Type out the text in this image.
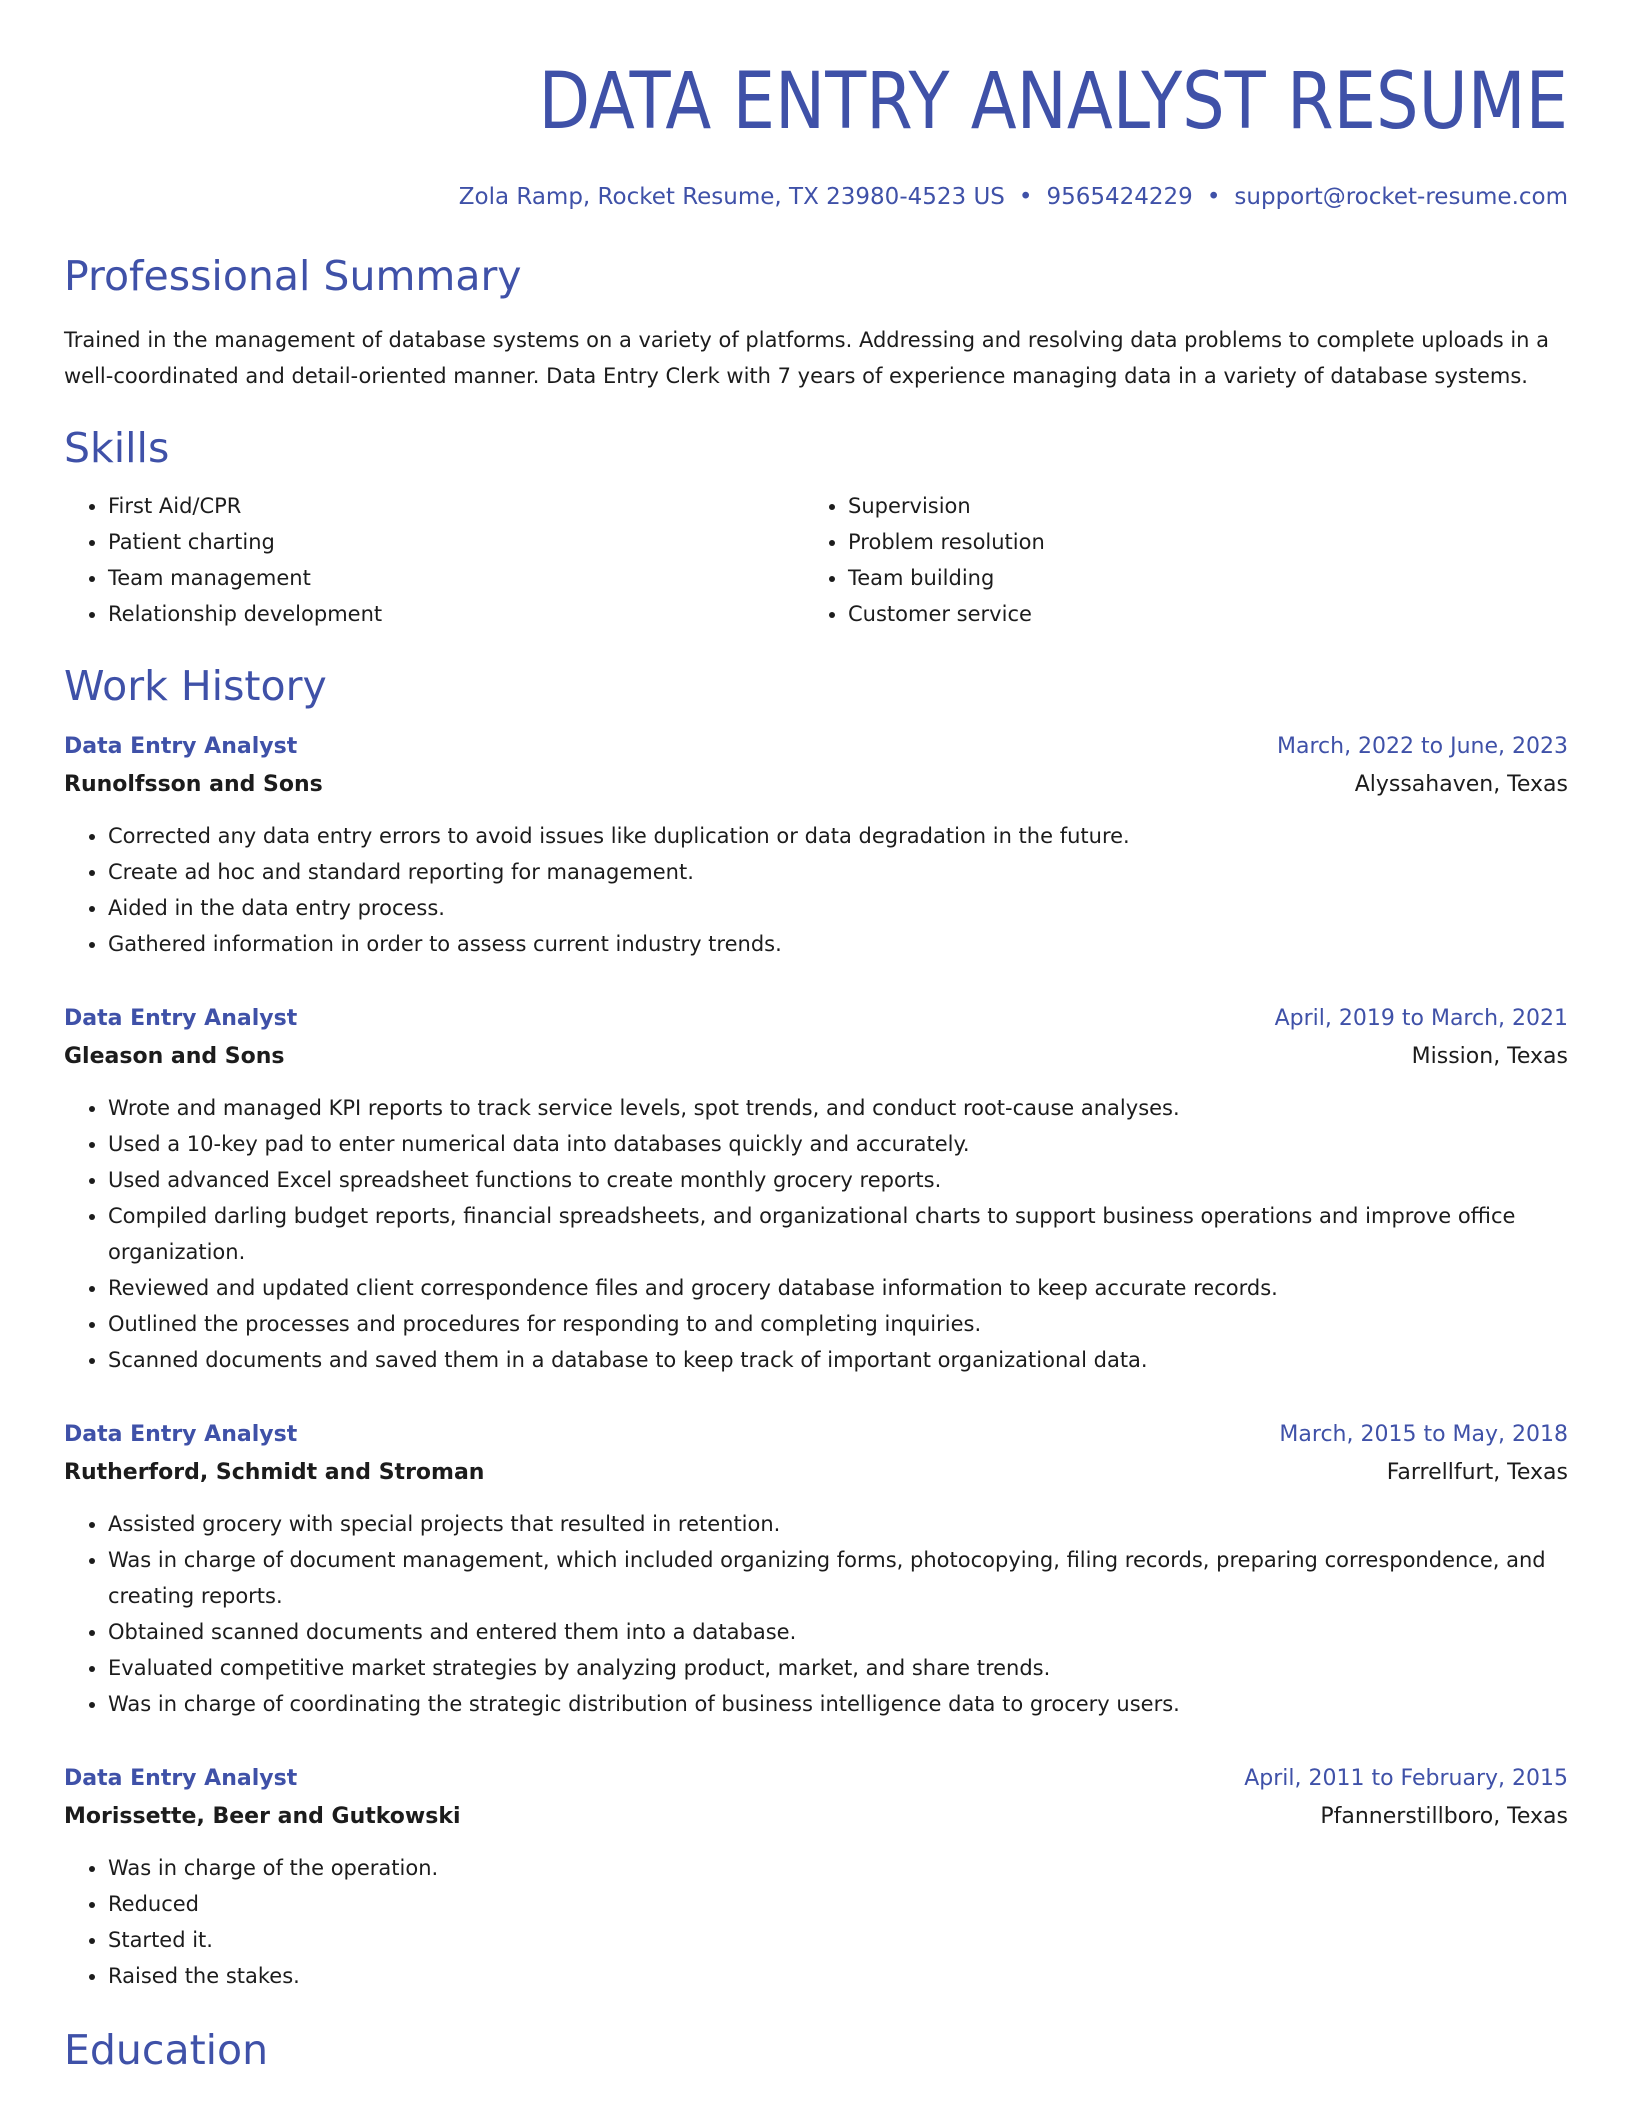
DATA ENTRY ANALYST RESUME
Zola Ramp, Rocket Resume, TX 23980-4523 US • 9565424229 • support@rocket-resume.com
Professional Summary
Trained in the management of database systems on a variety of platforms. Addressing and resolving data problems to complete uploads in a well-coordinated and detail-oriented manner. Data Entry Clerk with 7 years of experience managing data in a variety of database systems.
Skills
• First Aid/CPR
• Patient charting
• Team management
• Relationship development
• Supervision
• Problem resolution
• Team building
• Customer service
Work History
Data Entry Analyst	March, 2022 to June, 2023
Runolfsson and Sons	Alyssahaven, Texas
• Corrected any data entry errors to avoid issues like duplication or data degradation in the future.
• Create ad hoc and standard reporting for management.
• Aided in the data entry process.
• Gathered information in order to assess current industry trends.
Data Entry Analyst	April, 2019 to March, 2021
Gleason and Sons	Mission, Texas
• Wrote and managed KPI reports to track service levels, spot trends, and conduct root-cause analyses.
• Used a 10-key pad to enter numerical data into databases quickly and accurately.
• Used advanced Excel spreadsheet functions to create monthly grocery reports.
• Compiled darling budget reports, financial spreadsheets, and organizational charts to support business operations and improve office organization.
• Reviewed and updated client correspondence files and grocery database information to keep accurate records.
• Outlined the processes and procedures for responding to and completing inquiries.
• Scanned documents and saved them in a database to keep track of important organizational data.
Data Entry Analyst	March, 2015 to May, 2018
Rutherford, Schmidt and Stroman	Farrellfurt, Texas
• Assisted grocery with special projects that resulted in retention.
• Was in charge of document management, which included organizing forms, photocopying, filing records, preparing correspondence, and creating reports.
• Obtained scanned documents and entered them into a database.
• Evaluated competitive market strategies by analyzing product, market, and share trends.
• Was in charge of coordinating the strategic distribution of business intelligence data to grocery users.
Data Entry Analyst	April, 2011 to February, 2015
Morissette, Beer and Gutkowski	Pfannerstillboro, Texas
• Was in charge of the operation.
• Reduced
• Started it.
• Raised the stakes.
Education
